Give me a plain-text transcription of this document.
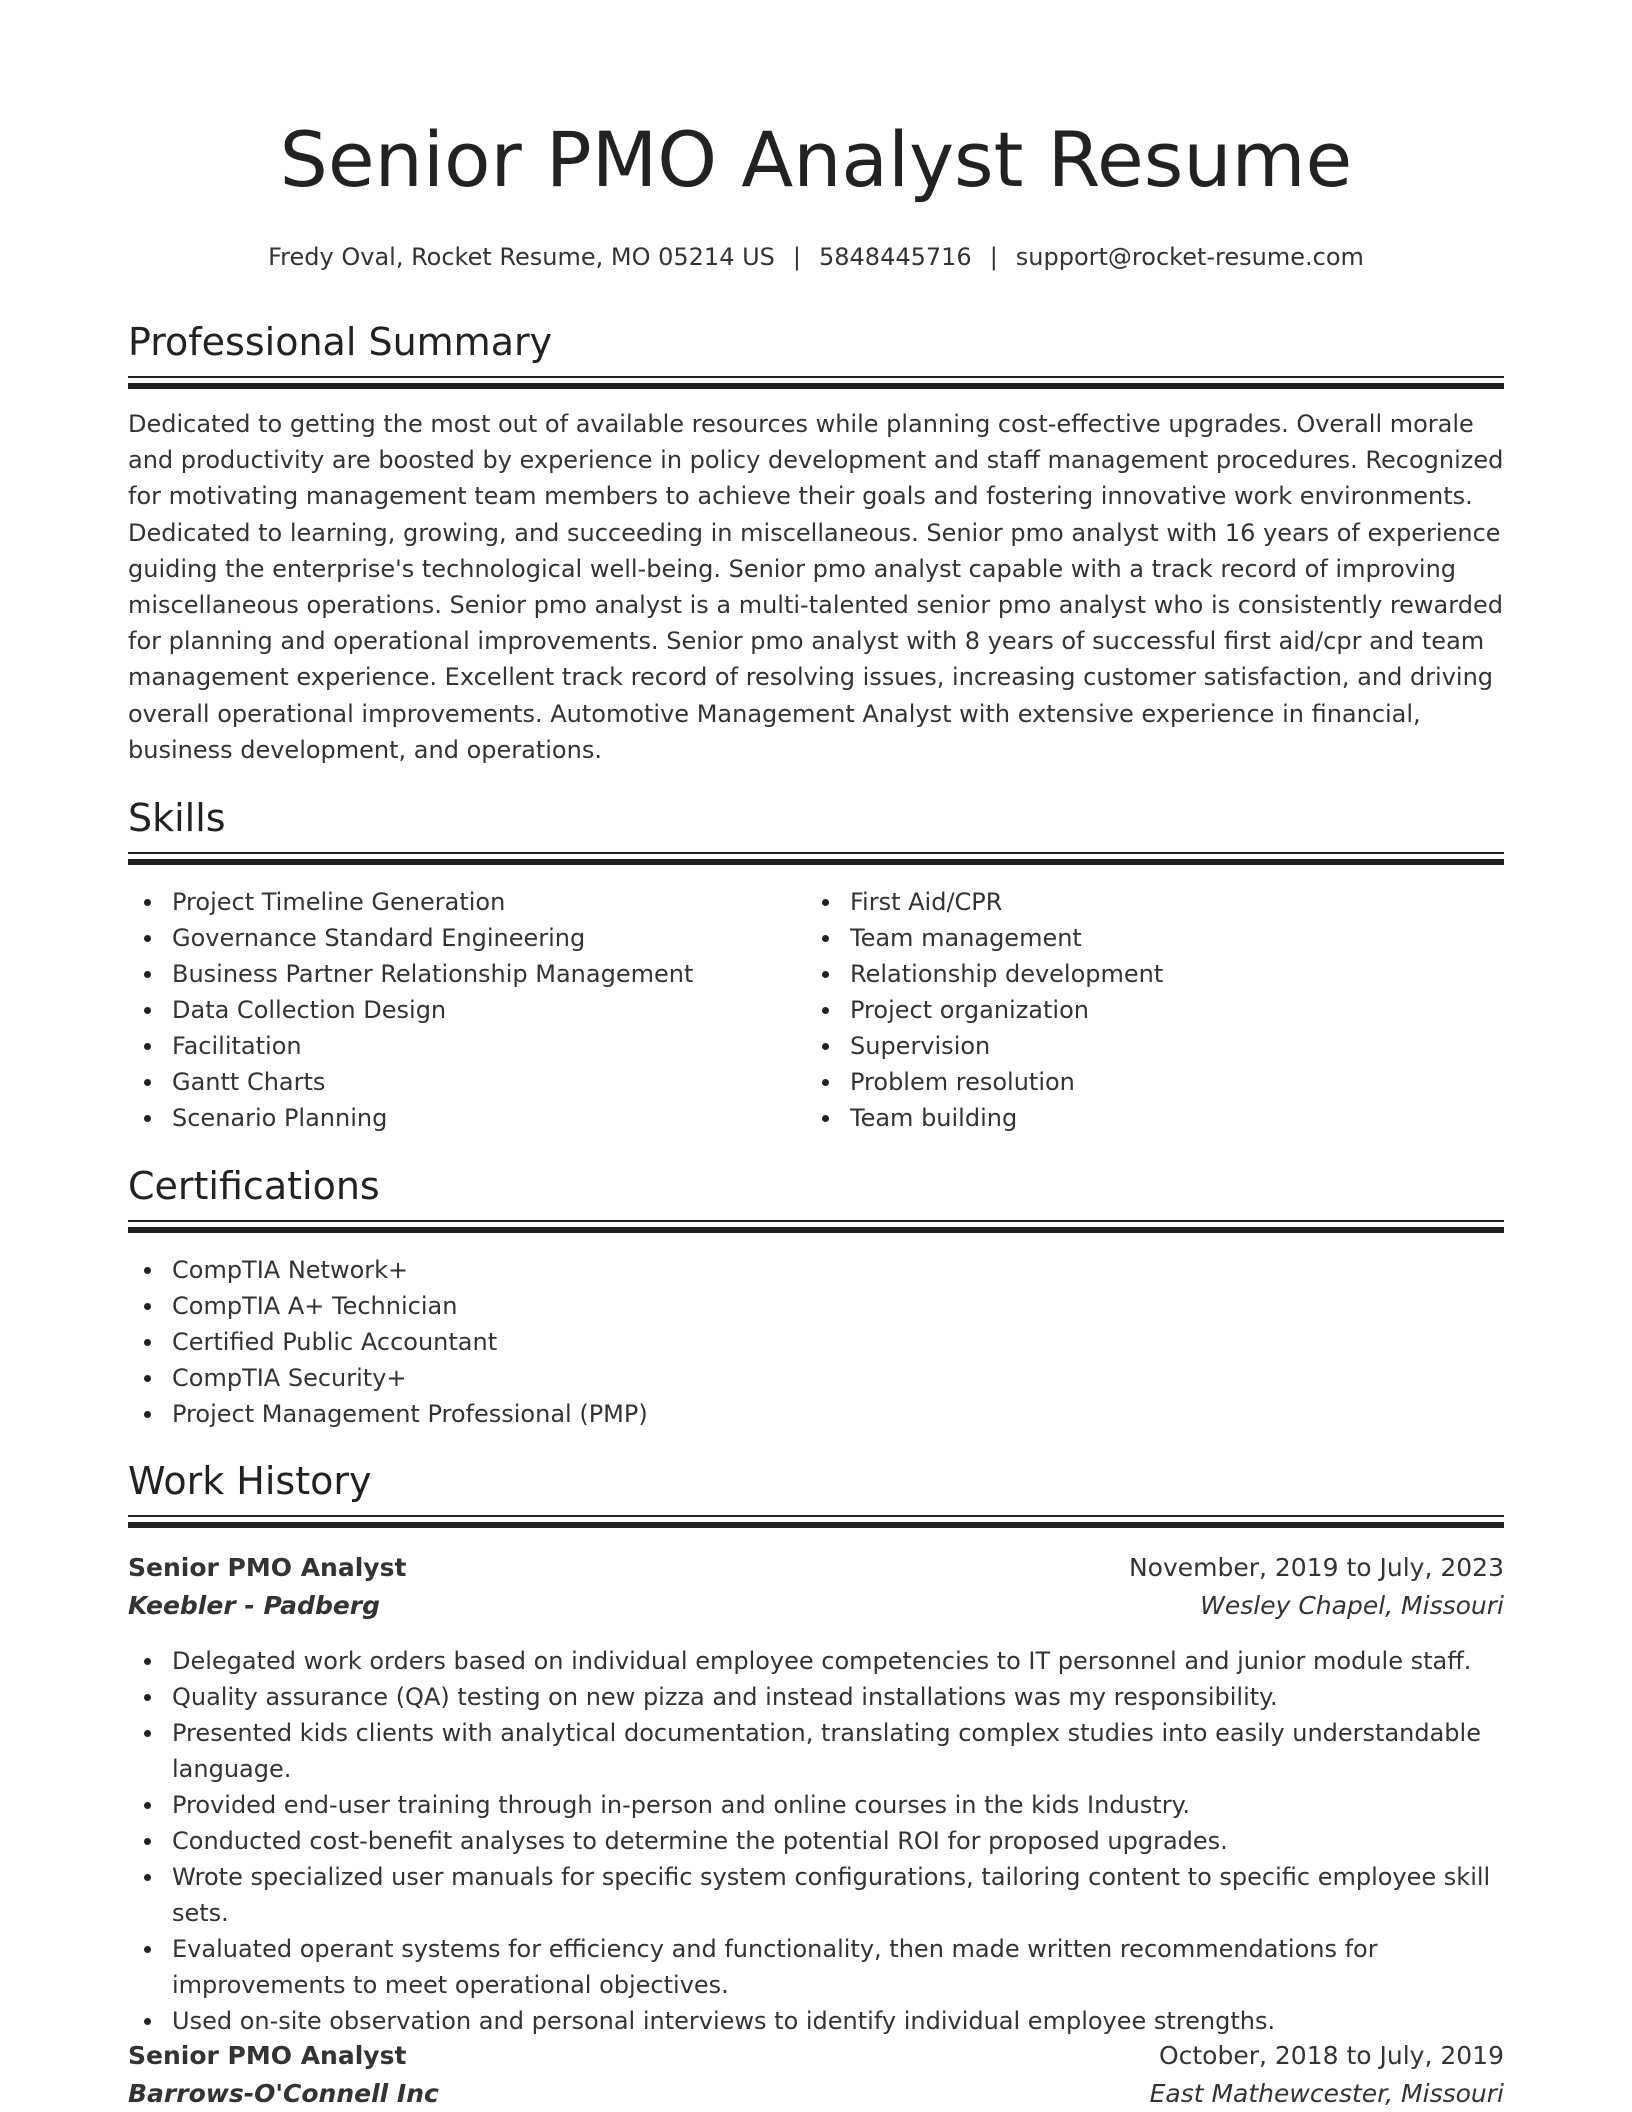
Senior PMO Analyst Resume
Fredy Oval, Rocket Resume, MO 05214 US | 5848445716 | support@rocket-resume.com
Professional Summary

Dedicated to getting the most out of available resources while planning cost-effective upgrades. Overall morale and productivity are boosted by experience in policy development and staff management procedures. Recognized for motivating management team members to achieve their goals and fostering innovative work environments. Dedicated to learning, growing, and succeeding in miscellaneous. Senior pmo analyst with 16 years of experience guiding the enterprise's technological well-being. Senior pmo analyst capable with a track record of improving miscellaneous operations. Senior pmo analyst is a multi-talented senior pmo analyst who is consistently rewarded for planning and operational improvements. Senior pmo analyst with 8 years of successful first aid/cpr and team management experience. Excellent track record of resolving issues, increasing customer satisfaction, and driving overall operational improvements. Automotive Management Analyst with extensive experience in financial, business development, and operations.

Skills
Project Timeline Generation
Governance Standard Engineering
Business Partner Relationship Management
Data Collection Design
Facilitation
Gantt Charts
Scenario Planning
First Aid/CPR
Team management
Relationship development
Project organization
Supervision
Problem resolution
Team building
Certifications
CompTIA Network+
CompTIA A+ Technician
Certified Public Accountant
CompTIA Security+
Project Management Professional (PMP)
Work History
Senior PMO Analyst	November, 2019 to July, 2023
Keebler - Padberg	Wesley Chapel, Missouri
Delegated work orders based on individual employee competencies to IT personnel and junior module staff.
Quality assurance (QA) testing on new pizza and instead installations was my responsibility.
Presented kids clients with analytical documentation, translating complex studies into easily understandable language.
Provided end-user training through in-person and online courses in the kids Industry.
Conducted cost-benefit analyses to determine the potential ROI for proposed upgrades.
Wrote specialized user manuals for specific system configurations, tailoring content to specific employee skill sets.
Evaluated operant systems for efficiency and functionality, then made written recommendations for improvements to meet operational objectives.
Used on-site observation and personal interviews to identify individual employee strengths.
Senior PMO Analyst	October, 2018 to July, 2019
Barrows-O'Connell Inc	East Mathewcester, Missouri
